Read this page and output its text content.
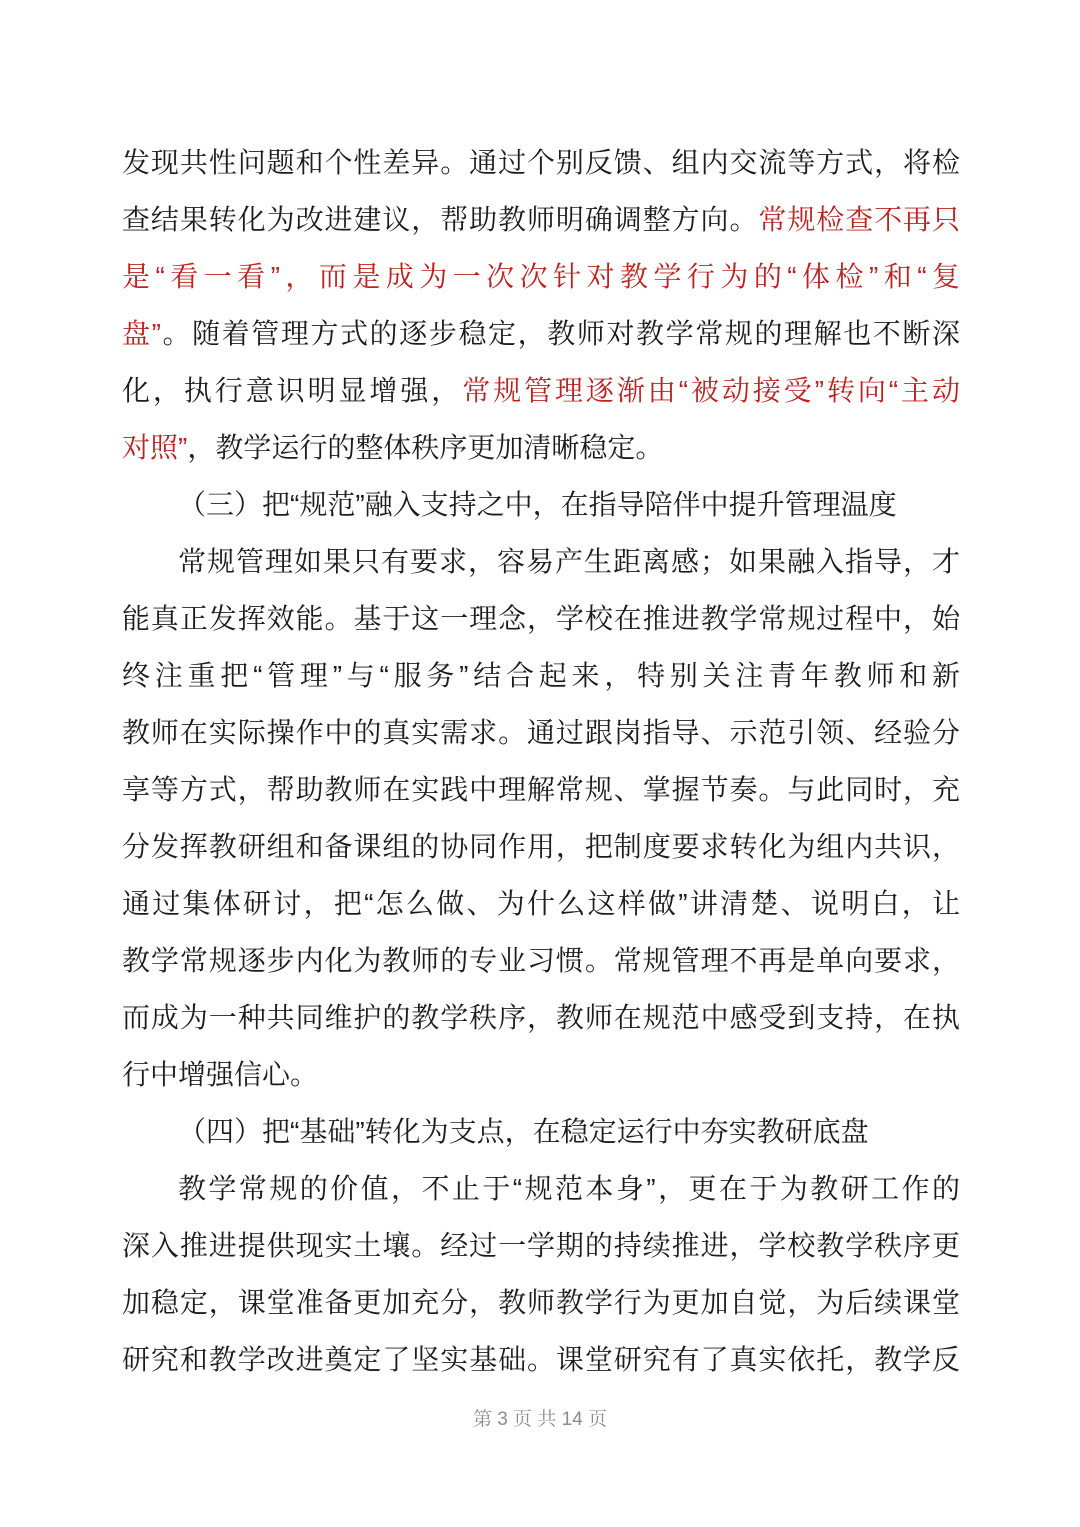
发现共性问题和个性差异。通过个别反馈、组内交流等方式，将检
查结果转化为改进建议，帮助教师明确调整方向。常规检查不再只
是“看一看”，而是成为一次次针对教学行为的“体检”和“复
盘”。随着管理方式的逐步稳定，教师对教学常规的理解也不断深
化，执行意识明显增强，常规管理逐渐由“被动接受”转向“主动
对照”，教学运行的整体秩序更加清晰稳定。
（三）把“规范”融入支持之中，在指导陪伴中提升管理温度
常规管理如果只有要求，容易产生距离感；如果融入指导，才
能真正发挥效能。基于这一理念，学校在推进教学常规过程中，始
终注重把“管理”与“服务”结合起来，特别关注青年教师和新
教师在实际操作中的真实需求。通过跟岗指导、示范引领、经验分
享等方式，帮助教师在实践中理解常规、掌握节奏。与此同时，充
分发挥教研组和备课组的协同作用，把制度要求转化为组内共识，
通过集体研讨，把“怎么做、为什么这样做”讲清楚、说明白，让
教学常规逐步内化为教师的专业习惯。常规管理不再是单向要求，
而成为一种共同维护的教学秩序，教师在规范中感受到支持，在执
行中增强信心。
（四）把“基础”转化为支点，在稳定运行中夯实教研底盘
教学常规的价值，不止于“规范本身”，更在于为教研工作的
深入推进提供现实土壤。经过一学期的持续推进，学校教学秩序更
加稳定，课堂准备更加充分，教师教学行为更加自觉，为后续课堂
研究和教学改进奠定了坚实基础。课堂研究有了真实依托，教学反
第 3 页 共 14 页
